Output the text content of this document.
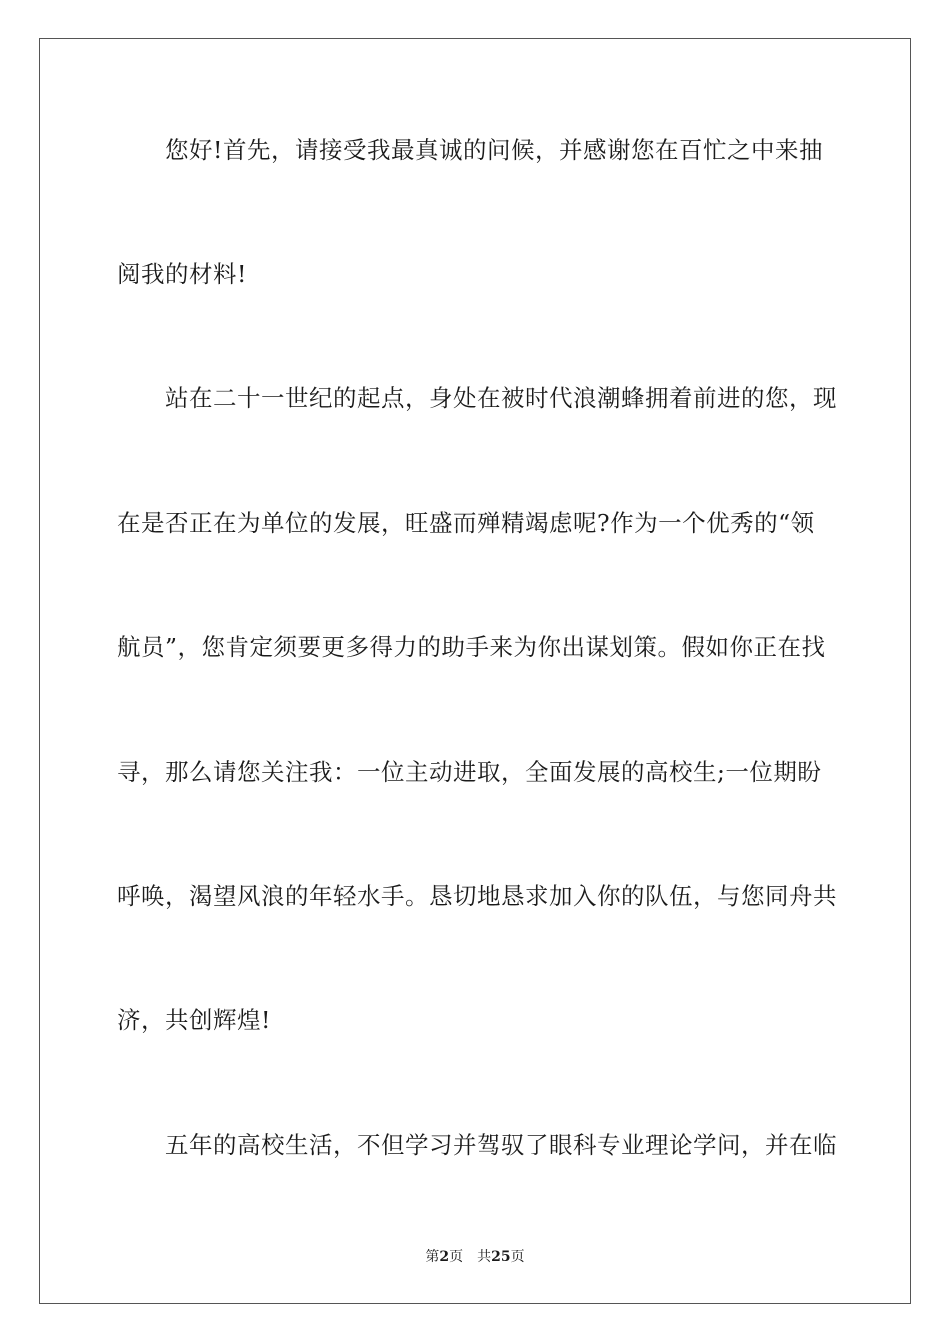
您好!首先，请接受我最真诚的问候，并感谢您在百忙之中来抽
阅我的材料!
站在二十一世纪的起点，身处在被时代浪潮蜂拥着前进的您，现
在是否正在为单位的发展，旺盛而殚精竭虑呢?作为一个优秀的“领
航员”，您肯定须要更多得力的助手来为你出谋划策。假如你正在找
寻，那么请您关注我：一位主动进取，全面发展的高校生;一位期盼
呼唤，渴望风浪的年轻水手。恳切地恳求加入你的队伍，与您同舟共
济，共创辉煌!
五年的高校生活，不但学习并驾驭了眼科专业理论学问，并在临
第2页 共25页
